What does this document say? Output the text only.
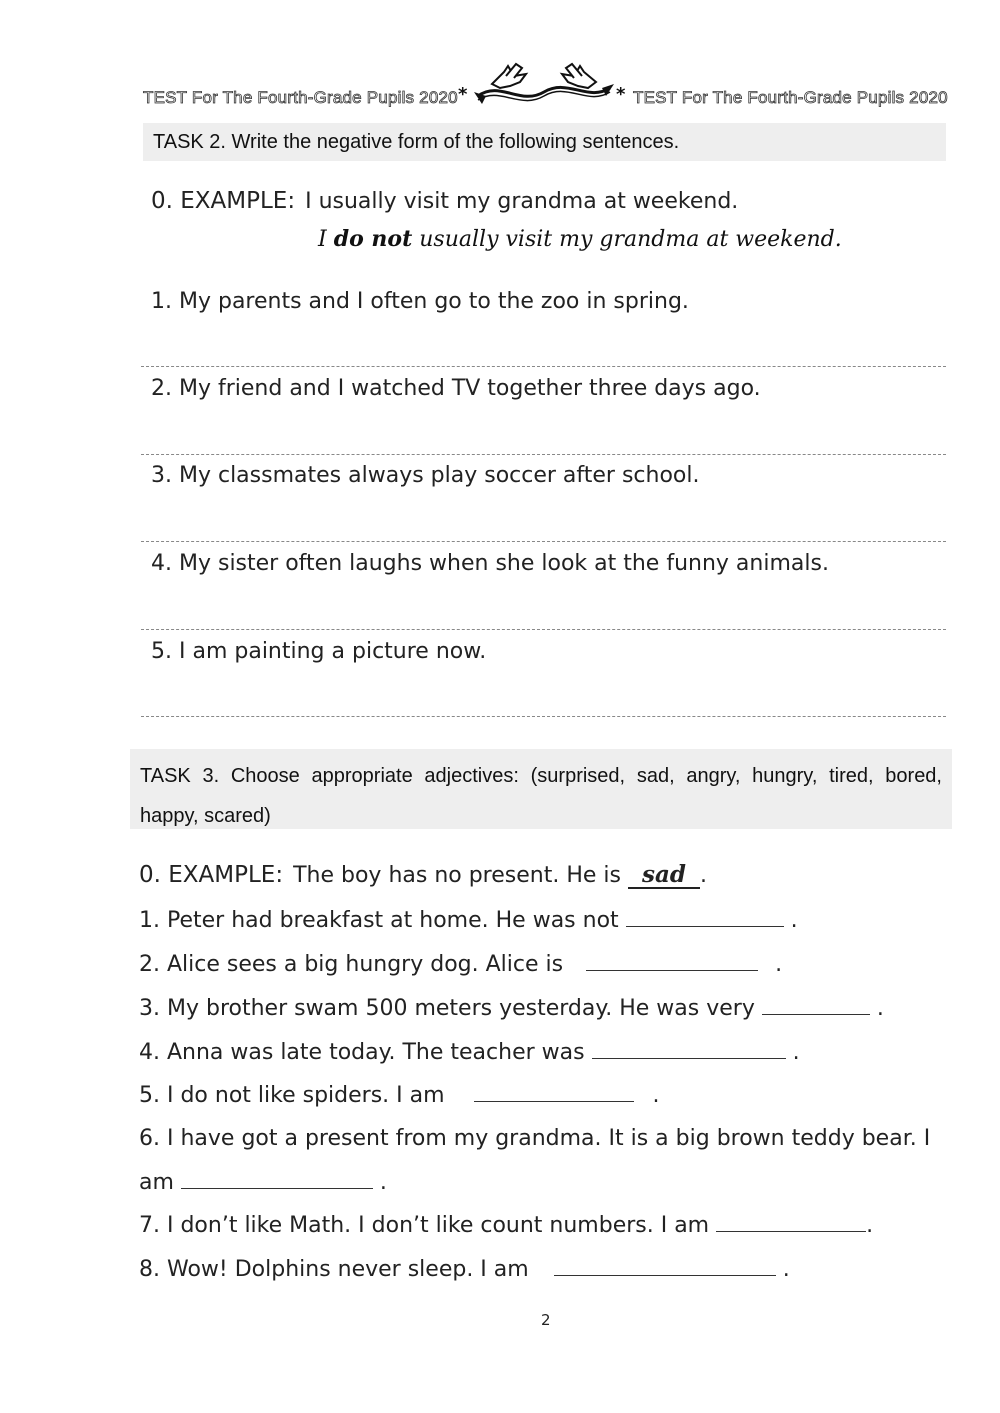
TEST For The Fourth-Grade Pupils 2020 *	* TEST For The Fourth-Grade Pupils 2020
TASK 2. Write the negative form of the following sentences.
0. EXAMPLE: I usually visit my grandma at weekend.
I do not usually visit my grandma at weekend.
1. My parents and I often go to the zoo in spring.
2. My friend and I watched TV together three days ago.
3. My classmates always play soccer after school.
4. My sister often laughs when she look at the funny animals.
5. I am painting a picture now.
TASK 3. Choose appropriate adjectives: (surprised, sad, angry, hungry, tired, bored, happy, scared)
0. EXAMPLE: The boy has no present. He is sad .
1. Peter had breakfast at home. He was not	.
2. Alice sees a big hungry dog. Alice is	.
3. My brother swam 500 meters yesterday. He was very	.
4. Anna was late today. The teacher was	.
5. I do not like spiders. I am	.
6. I have got a present from my grandma. It is a big brown teddy bear. I
am	.
7. I don’t like Math. I don’t like count numbers. I am	.
8. Wow! Dolphins never sleep. I am	.
2
